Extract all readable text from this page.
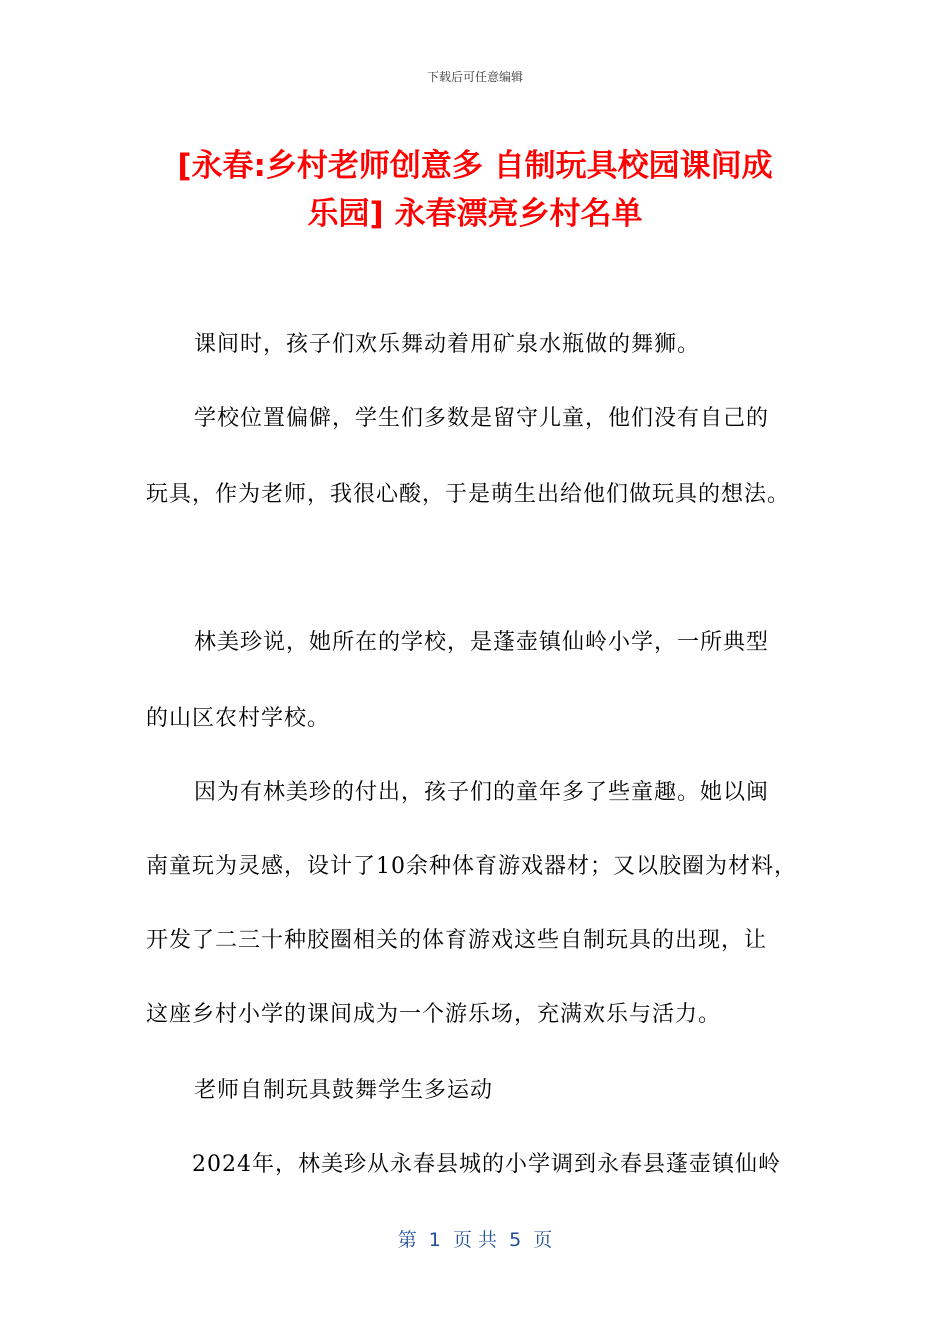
下载后可任意编辑
[永春:乡村老师创意多 自制玩具校园课间成
乐园] 永春漂亮乡村名单
课间时，孩子们欢乐舞动着用矿泉水瓶做的舞狮。
学校位置偏僻，学生们多数是留守儿童，他们没有自己的
玩具，作为老师，我很心酸，于是萌生出给他们做玩具的想法。
林美珍说，她所在的学校，是蓬壶镇仙岭小学，一所典型
的山区农村学校。
因为有林美珍的付出，孩子们的童年多了些童趣。她以闽
南童玩为灵感，设计了10余种体育游戏器材；又以胶圈为材料，
开发了二三十种胶圈相关的体育游戏这些自制玩具的出现，让
这座乡村小学的课间成为一个游乐场，充满欢乐与活力。
老师自制玩具鼓舞学生多运动
2024年，林美珍从永春县城的小学调到永春县蓬壶镇仙岭
第  1  页 共  5  页
